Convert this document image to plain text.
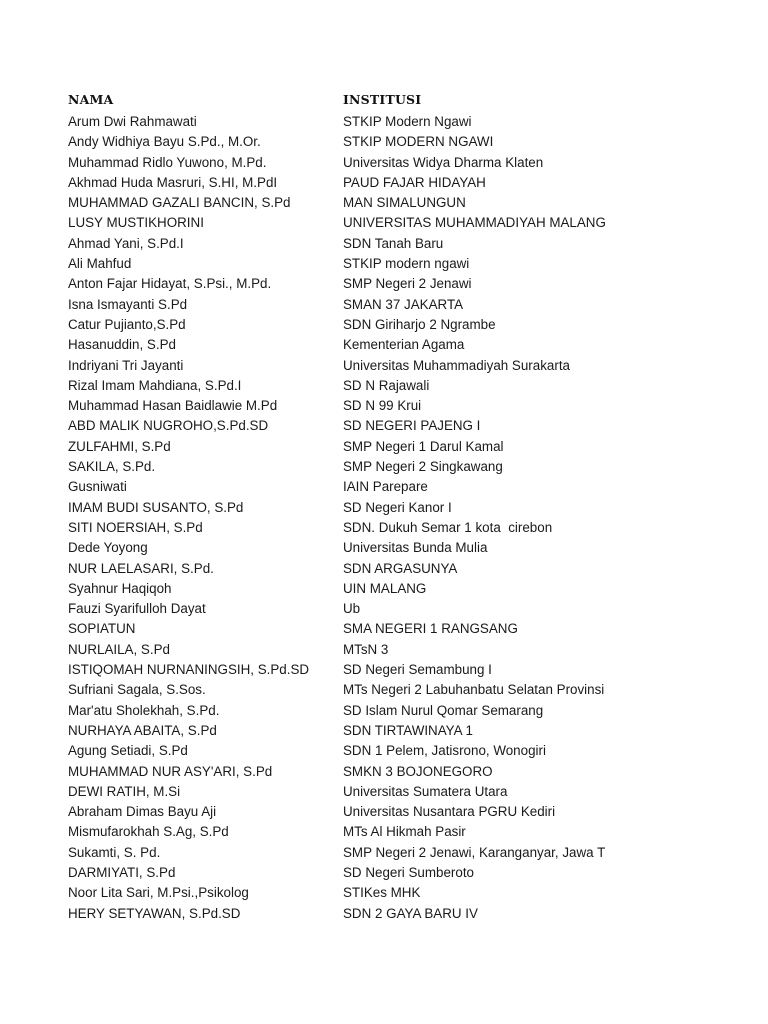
NAMA	INSTITUSI
Arum Dwi Rahmawati	STKIP Modern Ngawi
Andy Widhiya Bayu S.Pd., M.Or.	STKIP MODERN NGAWI
Muhammad Ridlo Yuwono, M.Pd.	Universitas Widya Dharma Klaten
Akhmad Huda Masruri, S.HI, M.PdI	PAUD FAJAR HIDAYAH
MUHAMMAD GAZALI BANCIN, S.Pd	MAN SIMALUNGUN
LUSY MUSTIKHORINI	UNIVERSITAS MUHAMMADIYAH MALANG
Ahmad Yani, S.Pd.I	SDN Tanah Baru
Ali Mahfud	STKIP modern ngawi
Anton Fajar Hidayat, S.Psi., M.Pd.	SMP Negeri 2 Jenawi
Isna Ismayanti S.Pd	SMAN 37 JAKARTA
Catur Pujianto,S.Pd	SDN Giriharjo 2 Ngrambe
Hasanuddin, S.Pd	Kementerian Agama
Indriyani Tri Jayanti	Universitas Muhammadiyah Surakarta
Rizal Imam Mahdiana, S.Pd.I	SD N Rajawali
Muhammad Hasan Baidlawie M.Pd	SD N 99 Krui
ABD MALIK NUGROHO,S.Pd.SD	SD NEGERI PAJENG I
ZULFAHMI, S.Pd	SMP Negeri 1 Darul Kamal
SAKILA, S.Pd.	SMP Negeri 2 Singkawang
Gusniwati	IAIN Parepare
IMAM BUDI SUSANTO, S.Pd	SD Negeri Kanor I
SITI NOERSIAH, S.Pd	SDN. Dukuh Semar 1 kota  cirebon
Dede Yoyong	Universitas Bunda Mulia
NUR LAELASARI, S.Pd.	SDN ARGASUNYA
Syahnur Haqiqoh	UIN MALANG
Fauzi Syarifulloh Dayat	Ub
SOPIATUN	SMA NEGERI 1 RANGSANG
NURLAILA, S.Pd	MTsN 3
ISTIQOMAH NURNANINGSIH, S.Pd.SD	SD Negeri Semambung I
Sufriani Sagala, S.Sos.	MTs Negeri 2 Labuhanbatu Selatan Provinsi
Mar'atu Sholekhah, S.Pd.	SD Islam Nurul Qomar Semarang
NURHAYA ABAITA, S.Pd	SDN TIRTAWINAYA 1
Agung Setiadi, S.Pd	SDN 1 Pelem, Jatisrono, Wonogiri
MUHAMMAD NUR ASY'ARI, S.Pd	SMKN 3 BOJONEGORO
DEWI RATIH, M.Si	Universitas Sumatera Utara
Abraham Dimas Bayu Aji	Universitas Nusantara PGRU Kediri
Mismufarokhah S.Ag, S.Pd	MTs Al Hikmah Pasir
Sukamti, S. Pd.	SMP Negeri 2 Jenawi, Karanganyar, Jawa T
DARMIYATI, S.Pd	SD Negeri Sumberoto
Noor Lita Sari, M.Psi.,Psikolog	STIKes MHK
HERY SETYAWAN, S.Pd.SD	SDN 2 GAYA BARU IV
